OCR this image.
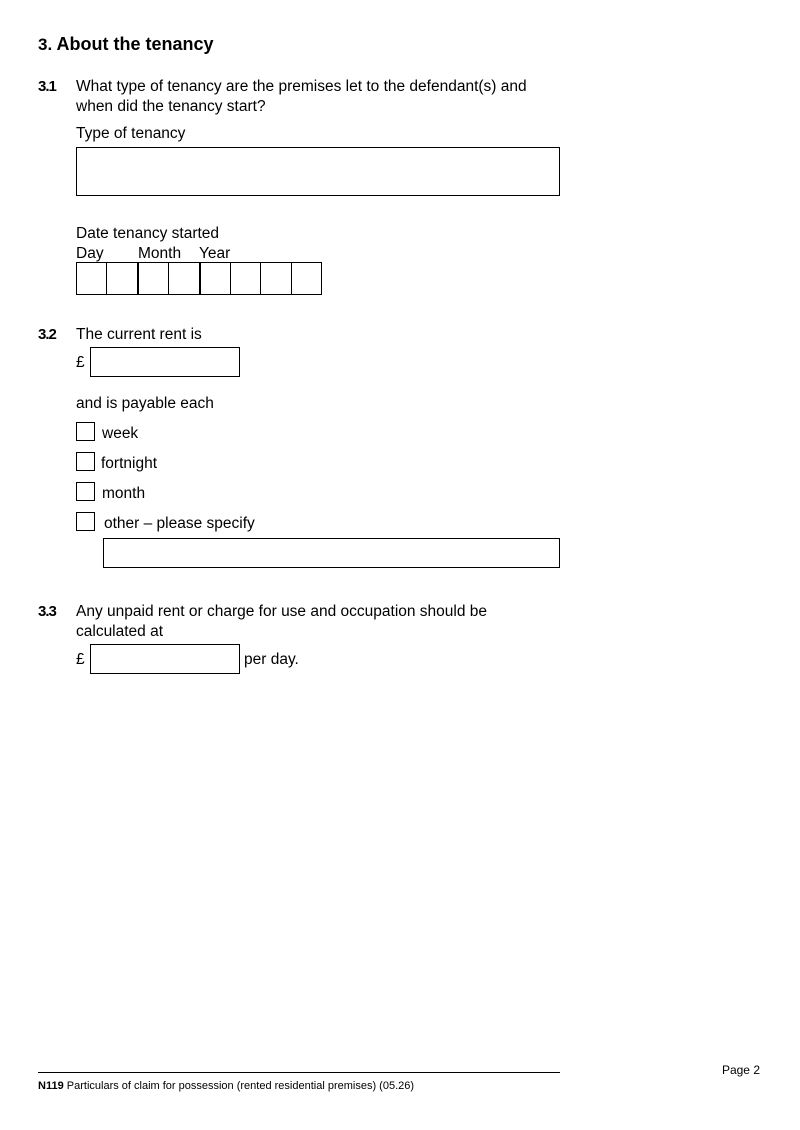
3. About the tenancy
3.1 What type of tenancy are the premises let to the defendant(s) and
when did the tenancy start?
Type of tenancy
Date tenancy started
Day Month Year
3.2 The current rent is
£
and is payable each
week
fortnight
month
other – please specify
3.3 Any unpaid rent or charge for use and occupation should be
calculated at
£	per day.
Page 2
N119 Particulars of claim for possession (rented residential premises) (05.26)
